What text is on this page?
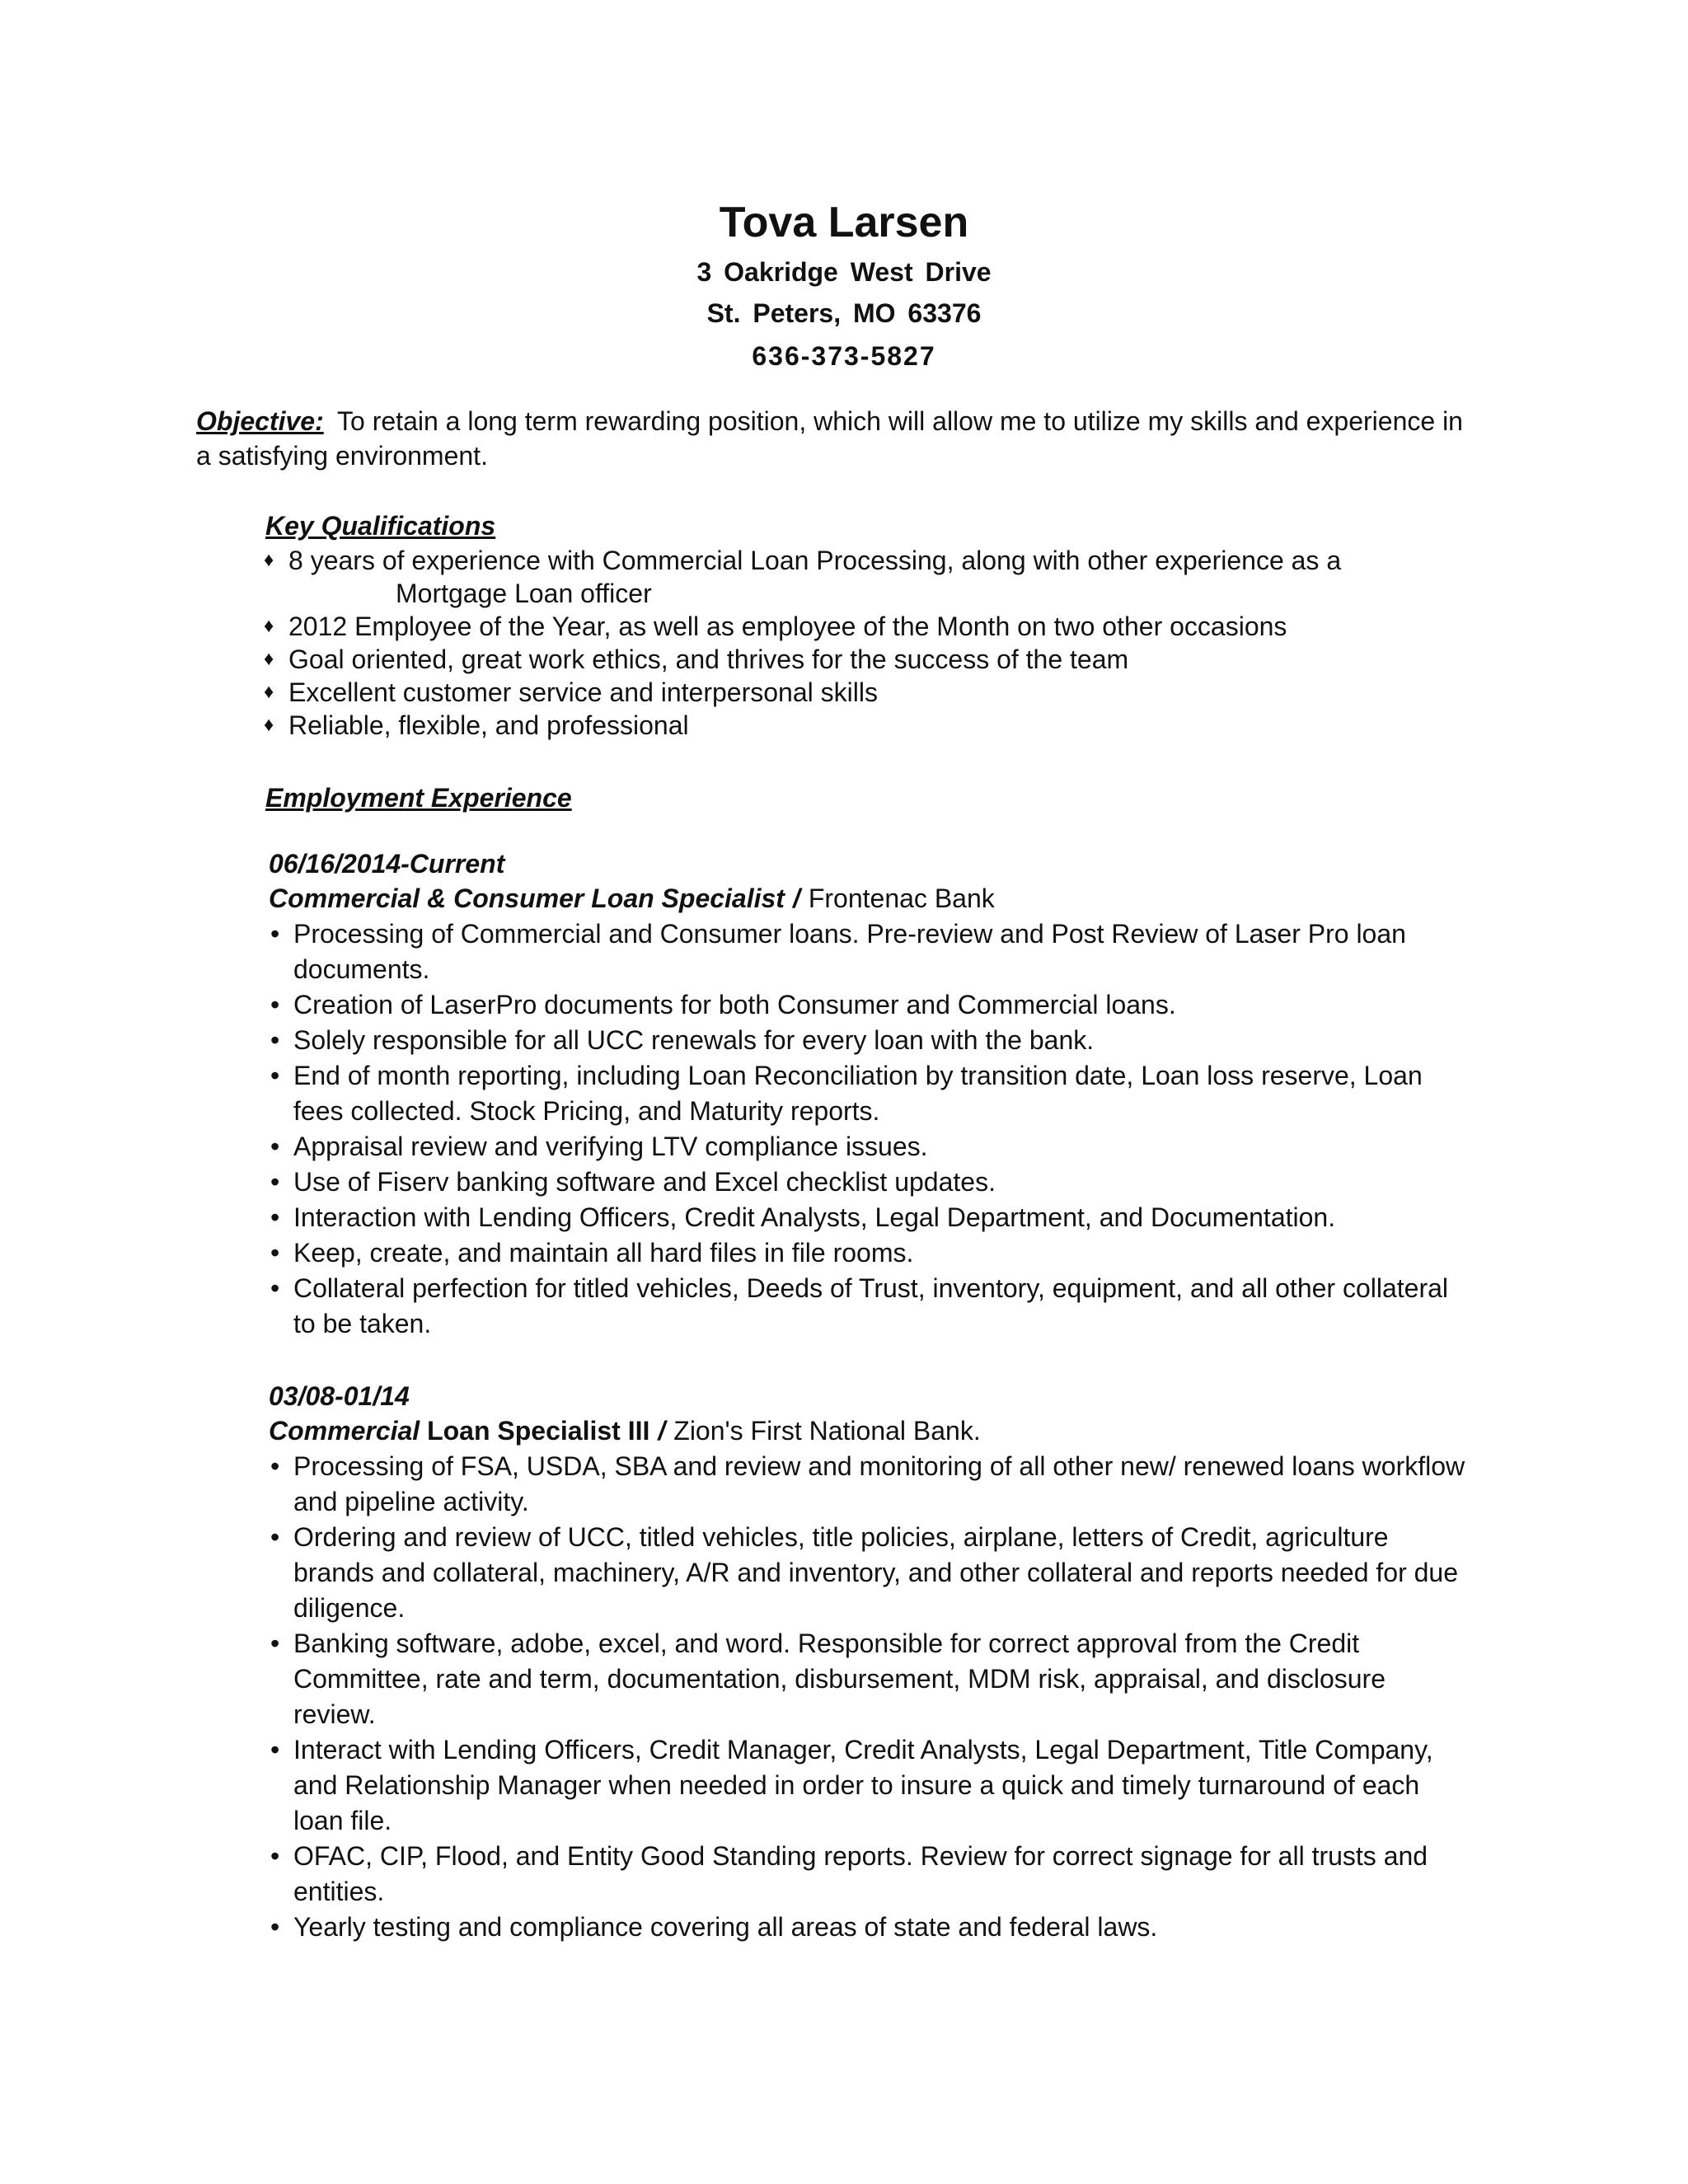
Tova Larsen
3 Oakridge West Drive
St. Peters, MO 63376
636-373-5827
Objective: To retain a long term rewarding position, which will allow me to utilize my skills and experience in a satisfying environment.
Key Qualifications
♦ 8 years of experience with Commercial Loan Processing, along with other experience as a
Mortgage Loan officer
♦ 2012 Employee of the Year, as well as employee of the Month on two other occasions
♦ Goal oriented, great work ethics, and thrives for the success of the team
♦ Excellent customer service and interpersonal skills
♦ Reliable, flexible, and professional
Employment Experience
06/16/2014-Current
Commercial & Consumer Loan Specialist / Frontenac Bank
• Processing of Commercial and Consumer loans. Pre-review and Post Review of Laser Pro loan documents.
• Creation of LaserPro documents for both Consumer and Commercial loans.
• Solely responsible for all UCC renewals for every loan with the bank.
• End of month reporting, including Loan Reconciliation by transition date, Loan loss reserve, Loan fees collected. Stock Pricing, and Maturity reports.
• Appraisal review and verifying LTV compliance issues.
• Use of Fiserv banking software and Excel checklist updates.
• Interaction with Lending Officers, Credit Analysts, Legal Department, and Documentation.
• Keep, create, and maintain all hard files in file rooms.
• Collateral perfection for titled vehicles, Deeds of Trust, inventory, equipment, and all other collateral to be taken.
03/08-01/14
Commercial Loan Specialist III / Zion's First National Bank.
• Processing of FSA, USDA, SBA and review and monitoring of all other new/ renewed loans workflow and pipeline activity.
• Ordering and review of UCC, titled vehicles, title policies, airplane, letters of Credit, agriculture brands and collateral, machinery, A/R and inventory, and other collateral and reports needed for due diligence.
• Banking software, adobe, excel, and word. Responsible for correct approval from the Credit Committee, rate and term, documentation, disbursement, MDM risk, appraisal, and disclosure review.
• Interact with Lending Officers, Credit Manager, Credit Analysts, Legal Department, Title Company, and Relationship Manager when needed in order to insure a quick and timely turnaround of each loan file.
• OFAC, CIP, Flood, and Entity Good Standing reports. Review for correct signage for all trusts and entities.
• Yearly testing and compliance covering all areas of state and federal laws.
